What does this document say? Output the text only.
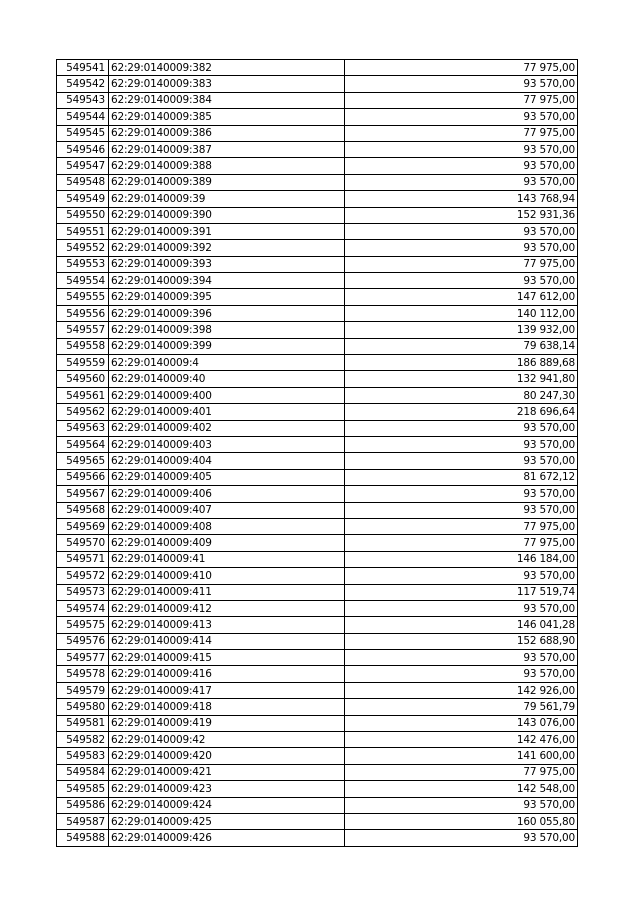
549541	62:29:0140009:382	77 975,00
549542	62:29:0140009:383	93 570,00
549543	62:29:0140009:384	77 975,00
549544	62:29:0140009:385	93 570,00
549545	62:29:0140009:386	77 975,00
549546	62:29:0140009:387	93 570,00
549547	62:29:0140009:388	93 570,00
549548	62:29:0140009:389	93 570,00
549549	62:29:0140009:39	143 768,94
549550	62:29:0140009:390	152 931,36
549551	62:29:0140009:391	93 570,00
549552	62:29:0140009:392	93 570,00
549553	62:29:0140009:393	77 975,00
549554	62:29:0140009:394	93 570,00
549555	62:29:0140009:395	147 612,00
549556	62:29:0140009:396	140 112,00
549557	62:29:0140009:398	139 932,00
549558	62:29:0140009:399	79 638,14
549559	62:29:0140009:4	186 889,68
549560	62:29:0140009:40	132 941,80
549561	62:29:0140009:400	80 247,30
549562	62:29:0140009:401	218 696,64
549563	62:29:0140009:402	93 570,00
549564	62:29:0140009:403	93 570,00
549565	62:29:0140009:404	93 570,00
549566	62:29:0140009:405	81 672,12
549567	62:29:0140009:406	93 570,00
549568	62:29:0140009:407	93 570,00
549569	62:29:0140009:408	77 975,00
549570	62:29:0140009:409	77 975,00
549571	62:29:0140009:41	146 184,00
549572	62:29:0140009:410	93 570,00
549573	62:29:0140009:411	117 519,74
549574	62:29:0140009:412	93 570,00
549575	62:29:0140009:413	146 041,28
549576	62:29:0140009:414	152 688,90
549577	62:29:0140009:415	93 570,00
549578	62:29:0140009:416	93 570,00
549579	62:29:0140009:417	142 926,00
549580	62:29:0140009:418	79 561,79
549581	62:29:0140009:419	143 076,00
549582	62:29:0140009:42	142 476,00
549583	62:29:0140009:420	141 600,00
549584	62:29:0140009:421	77 975,00
549585	62:29:0140009:423	142 548,00
549586	62:29:0140009:424	93 570,00
549587	62:29:0140009:425	160 055,80
549588	62:29:0140009:426	93 570,00
